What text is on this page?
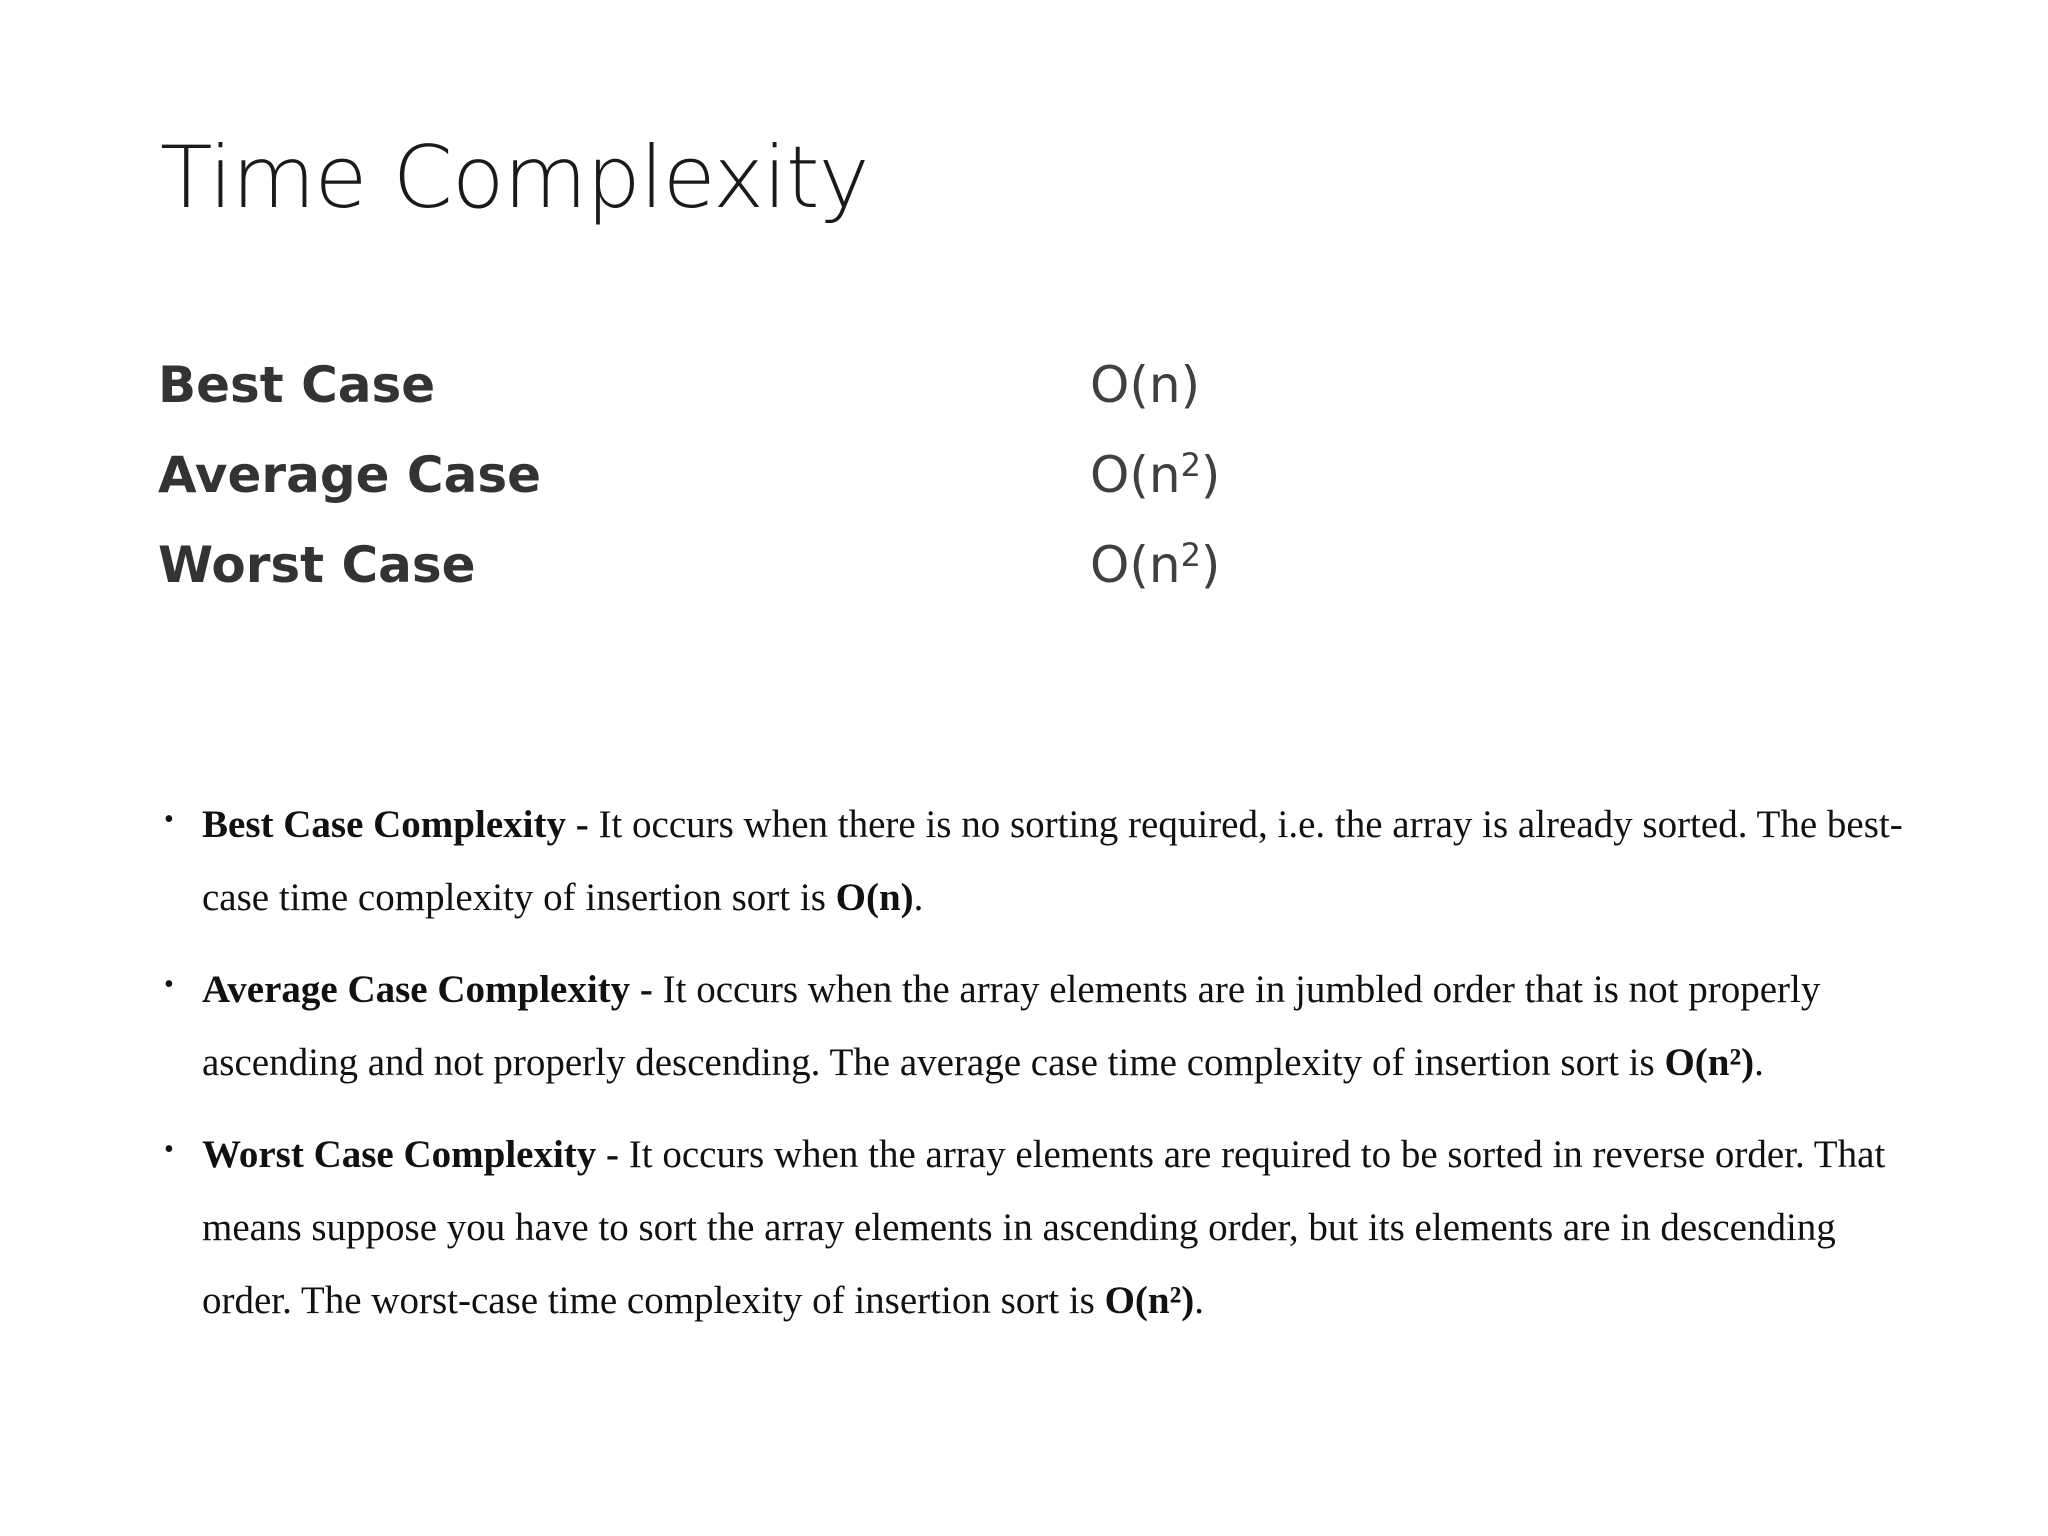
Time Complexity
Best Case	O(n)
Average Case	$O(n^2)$
Worst Case	$O(n^2)$
• Best Case Complexity - It occurs when there is no sorting required, i.e. the array is already sorted. The best-case time complexity of insertion sort is O(n).
• Average Case Complexity - It occurs when the array elements are in jumbled order that is not properly ascending and not properly descending. The average case time complexity of insertion sort is O(n²).
• Worst Case Complexity - It occurs when the array elements are required to be sorted in reverse order. That means suppose you have to sort the array elements in ascending order, but its elements are in descending order. The worst-case time complexity of insertion sort is O(n²).
